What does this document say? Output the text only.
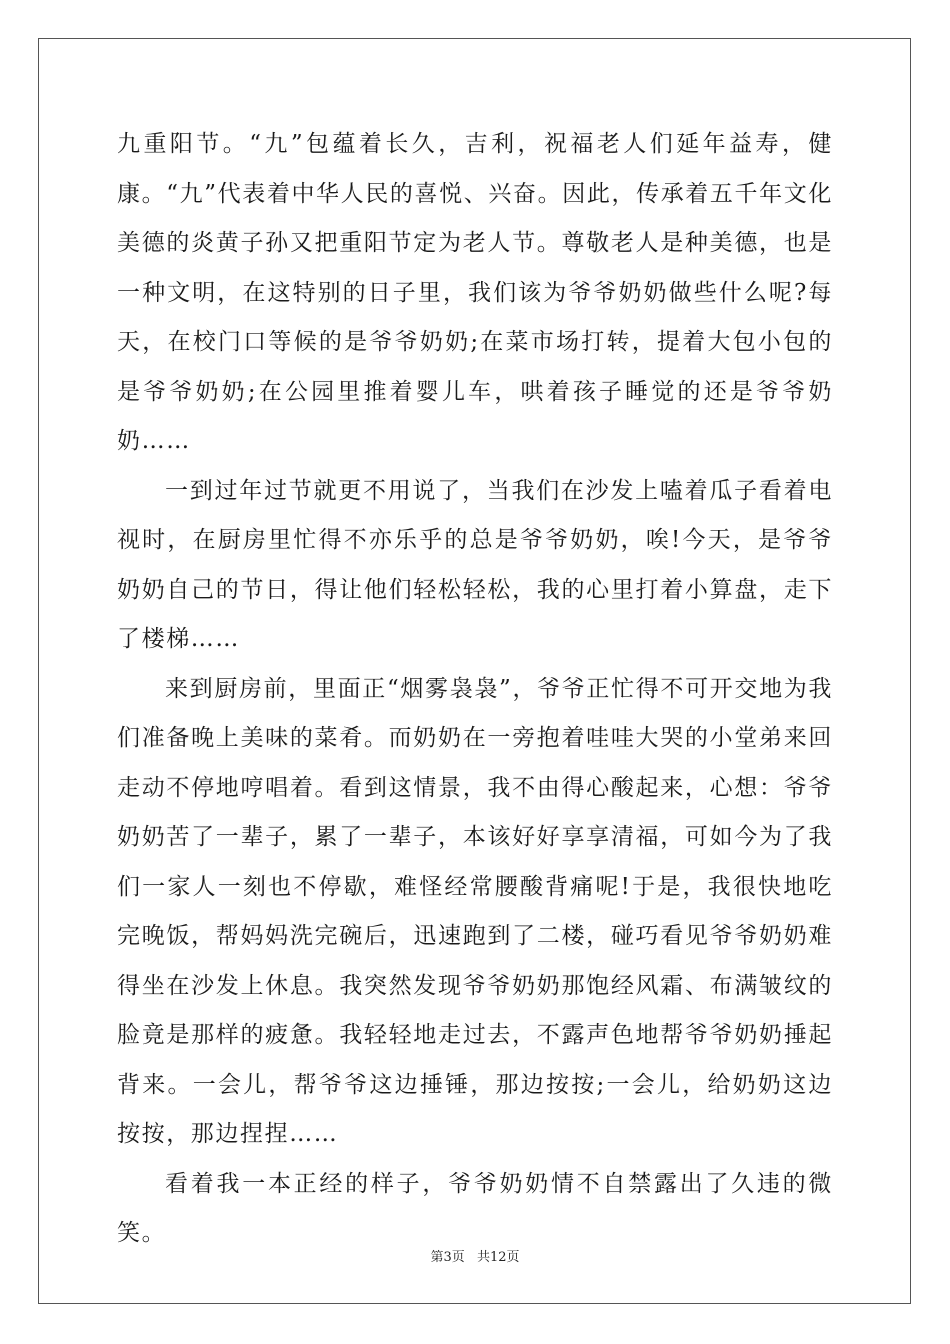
九重阳节。“九”包蕴着长久，吉利，祝福老人们延年益寿，健康。“九”代表着中华人民的喜悦、兴奋。因此，传承着五千年文化美德的炎黄子孙又把重阳节定为老人节。尊敬老人是种美德，也是一种文明，在这特别的日子里，我们该为爷爷奶奶做些什么呢?每天，在校门口等候的是爷爷奶奶;在菜市场打转，提着大包小包的是爷爷奶奶;在公园里推着婴儿车，哄着孩子睡觉的还是爷爷奶奶……

一到过年过节就更不用说了，当我们在沙发上嗑着瓜子看着电视时，在厨房里忙得不亦乐乎的总是爷爷奶奶，唉!今天，是爷爷奶奶自己的节日，得让他们轻松轻松，我的心里打着小算盘，走下了楼梯……

来到厨房前，里面正“烟雾袅袅”，爷爷正忙得不可开交地为我们准备晚上美味的菜肴。而奶奶在一旁抱着哇哇大哭的小堂弟来回走动不停地哼唱着。看到这情景，我不由得心酸起来，心想：爷爷奶奶苦了一辈子，累了一辈子，本该好好享享清福，可如今为了我们一家人一刻也不停歇，难怪经常腰酸背痛呢!于是，我很快地吃完晚饭，帮妈妈洗完碗后，迅速跑到了二楼，碰巧看见爷爷奶奶难得坐在沙发上休息。我突然发现爷爷奶奶那饱经风霜、布满皱纹的脸竟是那样的疲惫。我轻轻地走过去，不露声色地帮爷爷奶奶捶起背来。一会儿，帮爷爷这边捶锤，那边按按;一会儿，给奶奶这边按按，那边捏捏……

看着我一本正经的样子，爷爷奶奶情不自禁露出了久违的微笑。

第3页 共12页
